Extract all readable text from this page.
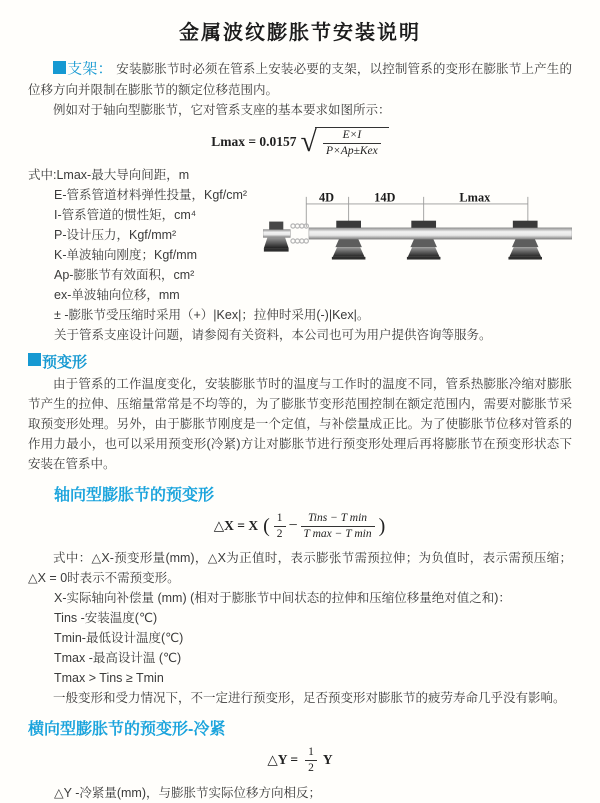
金属波纹膨胀节安装说明
支架： 安装膨胀节时必须在管系上安装必要的支架，以控制管系的变形在膨胀节上产生的位移方向并限制在膨胀节的额定位移范围内。
例如对于轴向型膨胀节，它对管系支座的基本要求如图所示：
Lmax = 0.0157 √ $\frac{E\times I}{\text{P×Ap±Kex}}$
式中:Lmax-最大导向间距，m
E-管系管道材料弹性投量，Kgf/cm²
I-管系管道的惯性矩，cm⁴
P-设计压力，Kgf/mm²
K-单波轴向刚度；Kgf/mm
Ap-膨胀节有效面积，cm²
ex-单波轴向位移，mm
4D	14D	Lmax
± -膨胀节受压缩时采用（+）|Kex|；拉伸时采用(-)|Kex|。
关于管系支座设计问题，请参阅有关资料，本公司也可为用户提供咨询等服务。
预变形
由于管系的工作温度变化，安装膨胀节时的温度与工作时的温度不同，管系热膨胀冷缩对膨胀节产生的拉伸、压缩量常常是不均等的，为了膨胀节变形范围控制在额定范围内，需要对膨胀节采取预变形处理。另外，由于膨胀节刚度是一个定值，与补偿量成正比。为了使膨胀节位移对管系的作用力最小，也可以采用预变形(冷紧)方让对膨胀节进行预变形处理后再将膨胀节在预变形状态下安装在管系中。
轴向型膨胀节的预变形
△X = X ( $\frac{1}{2} - \frac{\text{Tins − T min}}{\text{T max − T min}}$ )
式中：△X-预变形量(mm)，△X为正值时，表示膨张节需预拉伸；为负值时，表示需预压缩；△X = 0时表示不需预变形。
X-实际轴向补偿量 (mm) (相对于膨胀节中间状态的拉伸和压缩位移量绝对值之和)：
Tins -安装温度(℃)
Tmin-最低设计温度(℃)
Tmax -最高设计温 (℃)
Tmax > Tins ≥ Tmin
一般变形和受力情况下，不一定进行预变形，足否预变形对膨胀节的疲劳寿命几乎没有影响。
横向型膨胀节的预变形-冷紧
△Y = $\frac{1}{2}$ Y
△Y -冷紧量(mm)，与膨胀节实际位移方向相反；
